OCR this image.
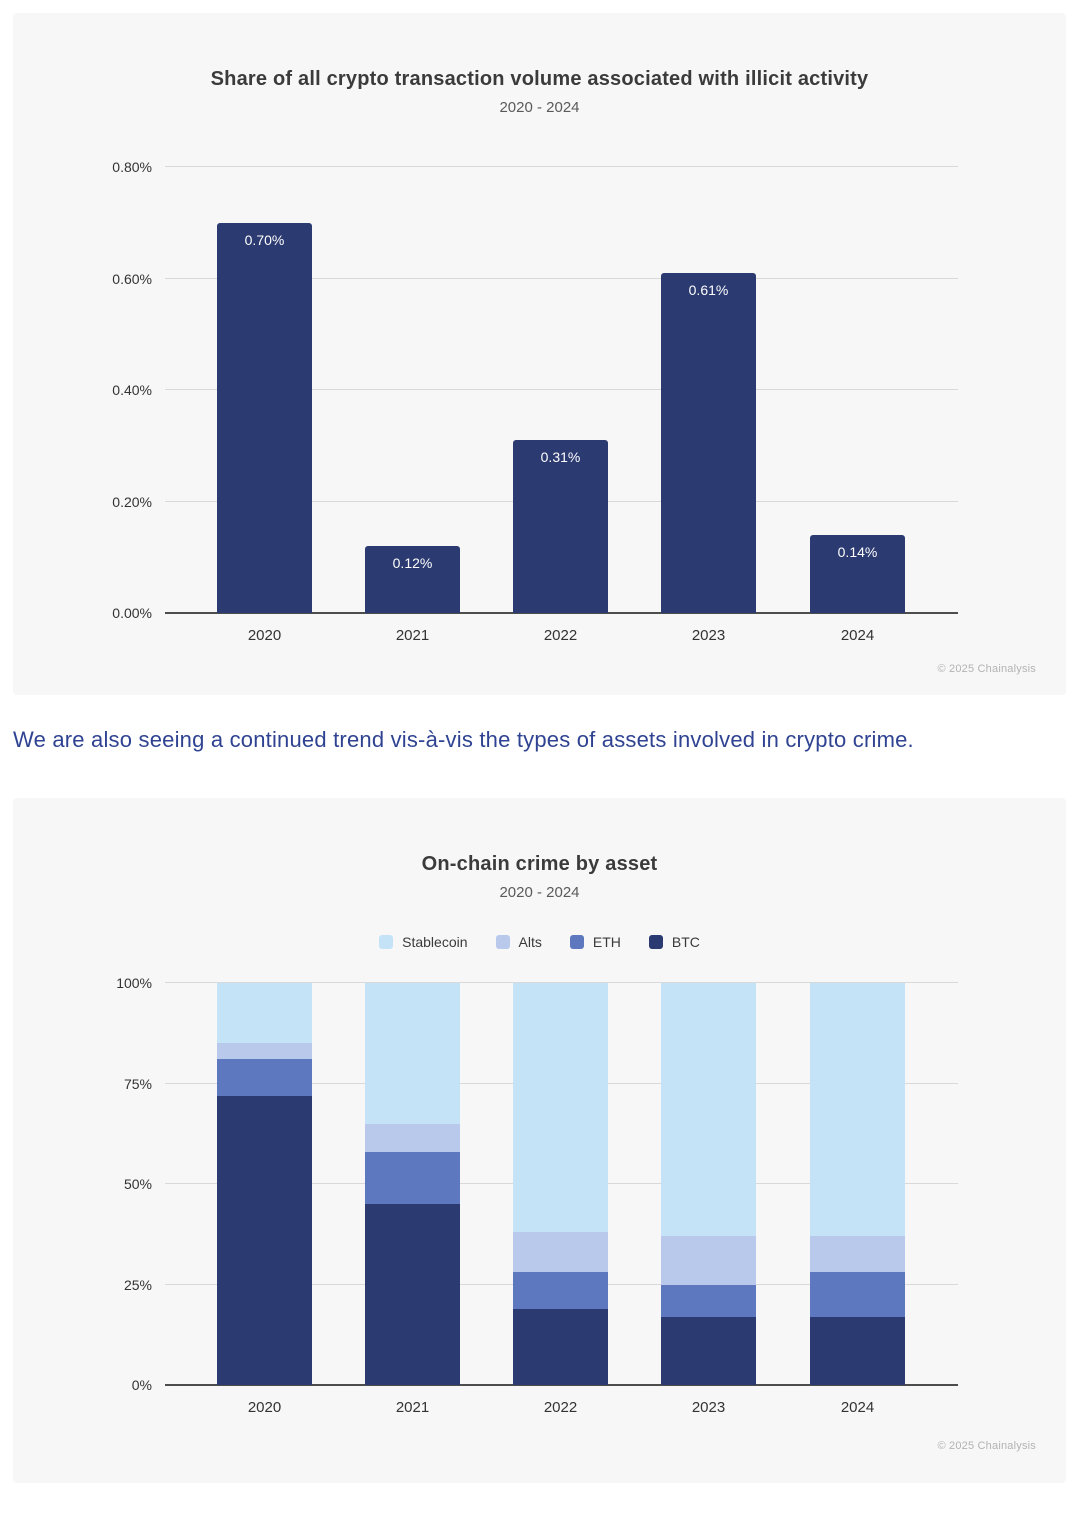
Share of all crypto transaction volume associated with illicit activity
2020 - 2024
0.00%
0.20%
0.40%
0.60%
0.80%
2020	2021	2022	2023	2024
0.70%
0.12%
0.31%
0.61%
0.14%
© 2025 Chainalysis

We are also seeing a continued trend vis-à-vis the types of assets involved in crypto crime.

On-chain crime by asset
2020 - 2024
Stablecoin	Alts	ETH	BTC
0%
25%
50%
75%
100%
2020	2021	2022	2023	2024
© 2025 Chainalysis
